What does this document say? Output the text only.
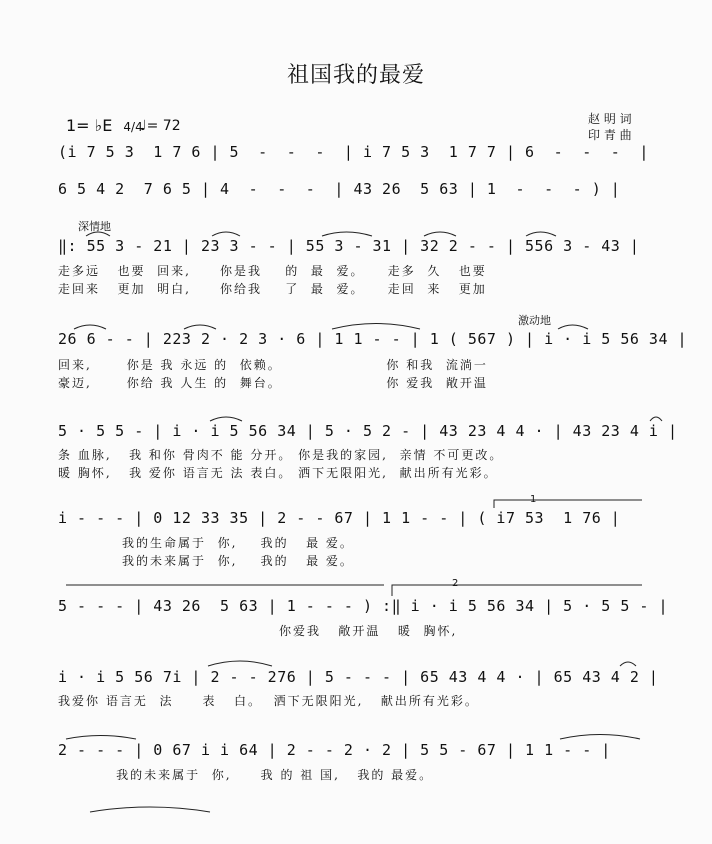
祖国我的最爱
赵 明 词
印 青 曲
1= ♭E 4/4
♩= 72
(i 7 5 3  1 7 6 | 5  -  -  -  | i 7 5 3  1 7 7 | 6  -  -  -  |
6 5 4 2  7 6 5 | 4  -  -  -  | 43 26  5 63 | 1  -  -  - ) |
深情地
‖: 55 3 - 21 | 23 3 - - | 55 3 - 31 | 32 2 - - | 556 3 - 43 |
走多远   也要  回来,     你是我    的  最  爱。    走多  久   也要
走回来   更加  明白,     你给我    了  最  爱。    走回  来   更加
激动地
26 6 - - | 223 2 · 2 3 · 6 | 1 1 - - | 1 ( 567 ) | i · i 5 56 34 |
回来,      你是 我 永远 的  依赖。                  你 和我  流淌一
豪迈,      你给 我 人生 的  舞台。                  你 爱我  敞开温
5 · 5 5 - | i · i 5 56 34 | 5 · 5 2 - | 43 23 4 4 · | 43 23 4 i |
条 血脉,   我 和你 骨肉不 能 分开。 你是我的家园,  亲情 不可更改。
暖 胸怀,   我 爱你 语言无 法 表白。 洒下无限阳光,  献出所有光彩。
1
i - - - | 0 12 33 35 | 2 - - 67 | 1 1 - - | ( i7 53  1 76 |
我的生命属于  你,    我的   最 爱。
我的未来属于  你,    我的   最 爱。
2
5 - - - | 43 26  5 63 | 1 - - - ) :‖ i · i 5 56 34 | 5 · 5 5 - |
你爱我   敞开温   暖  胸怀,
i · i 5 56 7i | 2 - - 276 | 5 - - - | 65 43 4 4 · | 65 43 4 2 |
我爱你 语言无  法     表   白。  洒下无限阳光,   献出所有光彩。
2 - - - | 0 67 i i 64 | 2 - - 2 · 2 | 5 5 - 67 | 1 1 - - |
我的未来属于  你,     我 的 祖 国,   我的 最爱。
